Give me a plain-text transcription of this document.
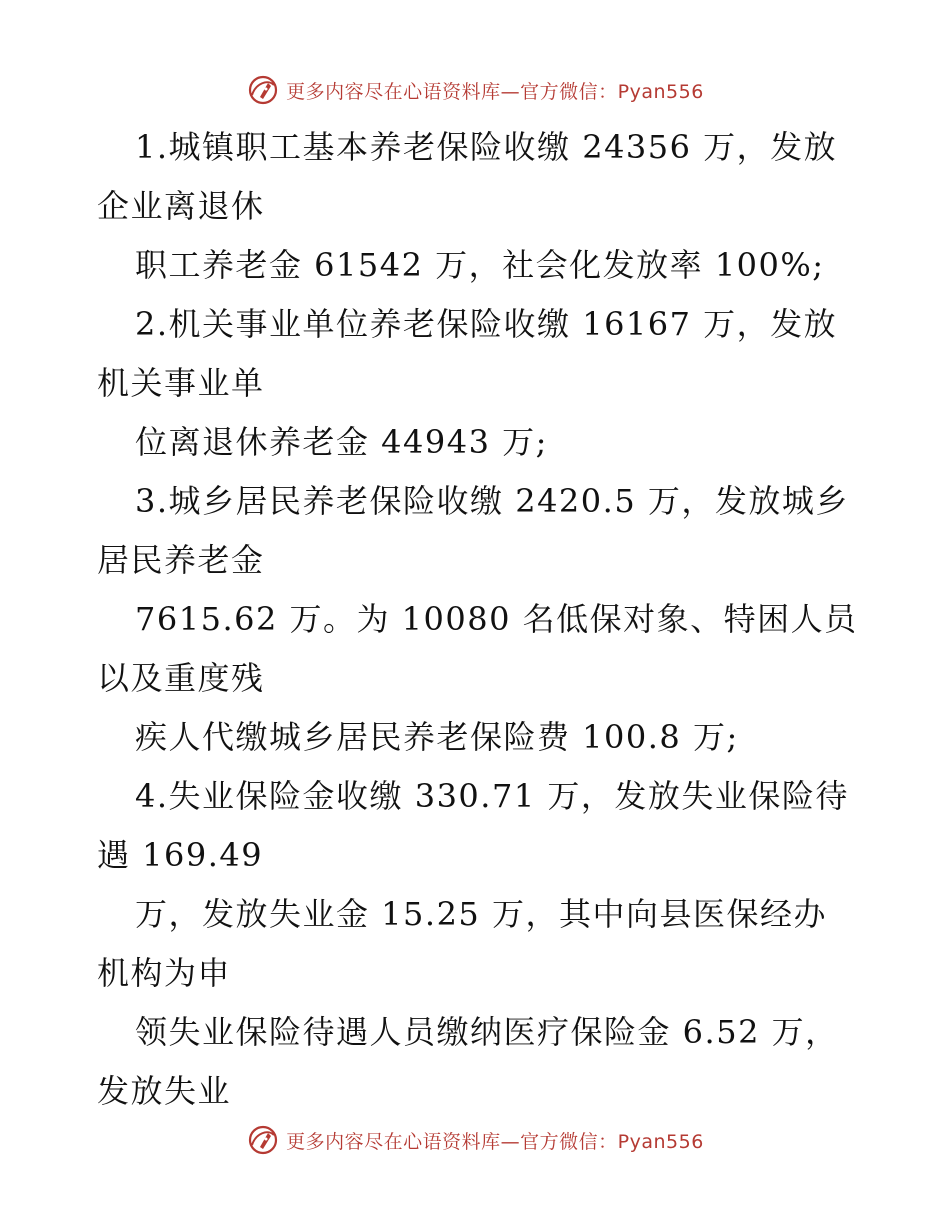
更多内容尽在心语资料库—官方微信：Pyan556
1.城镇职工基本养老保险收缴 24356 万，发放
企业离退休
职工养老金 61542 万，社会化发放率 100%;
2.机关事业单位养老保险收缴 16167 万，发放
机关事业单
位离退休养老金 44943 万;
3.城乡居民养老保险收缴 2420.5 万，发放城乡
居民养老金
7615.62 万。为 10080 名低保对象、特困人员
以及重度残
疾人代缴城乡居民养老保险费 100.8 万;
4.失业保险金收缴 330.71 万，发放失业保险待
遇 169.49
万，发放失业金 15.25 万，其中向县医保经办
机构为申
领失业保险待遇人员缴纳医疗保险金 6.52 万，
发放失业
更多内容尽在心语资料库—官方微信：Pyan556
